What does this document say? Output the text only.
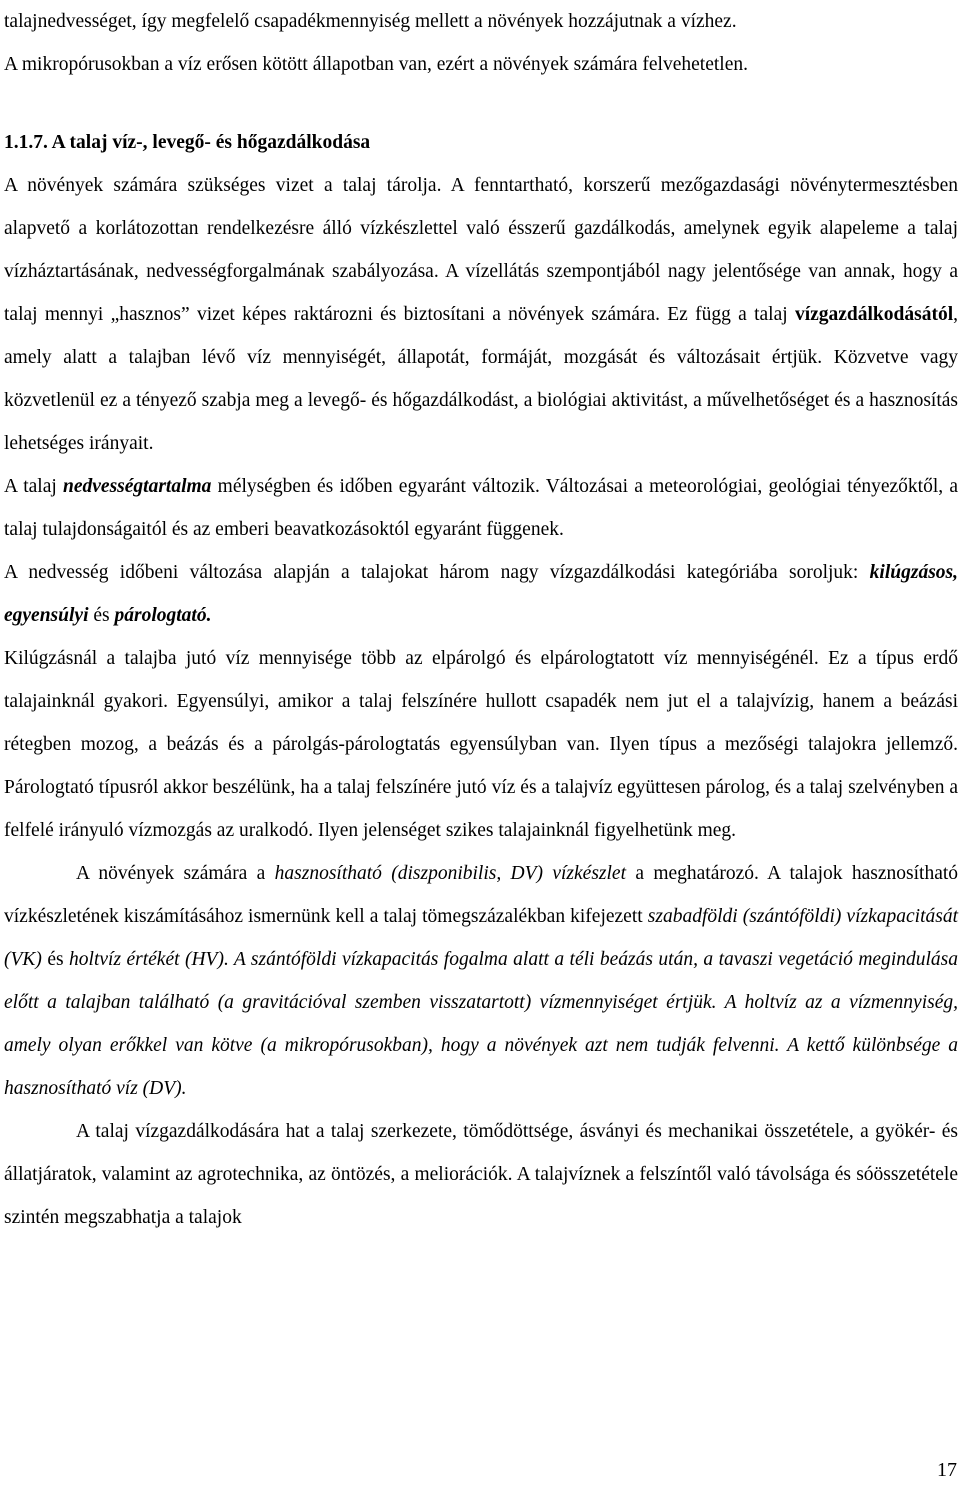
talajnedvességet, így megfelelő csapadékmennyiség mellett a növények hozzájutnak a vízhez.
A mikropórusokban a víz erősen kötött állapotban van, ezért a növények számára felvehetetlen.
1.1.7. A talaj víz-, levegő- és hőgazdálkodása
A növények számára szükséges vizet a talaj tárolja. A fenntartható, korszerű mezőgazdasági növénytermesztésben alapvető a korlátozottan rendelkezésre álló vízkészlettel való ésszerű gazdálkodás, amelynek egyik alapeleme a talaj vízháztartásának, nedvességforgalmának szabályozása. A vízellátás szempontjából nagy jelentősége van annak, hogy a talaj mennyi „hasznos” vizet képes raktározni és biztosítani a növények számára. Ez függ a talaj vízgazdálkodásától, amely alatt a talajban lévő víz mennyiségét, állapotát, formáját, mozgását és változásait értjük. Közvetve vagy közvetlenül ez a tényező szabja meg a levegő- és hőgazdálkodást, a biológiai aktivitást, a művelhetőséget és a hasznosítás lehetséges irányait.
A talaj nedvességtartalma mélységben és időben egyaránt változik. Változásai a meteorológiai, geológiai tényezőktől, a talaj tulajdonságaitól és az emberi beavatkozásoktól egyaránt függenek.
A nedvesség időbeni változása alapján a talajokat három nagy vízgazdálkodási kategóriába soroljuk: kilúgzásos, egyensúlyi és párologtató.
Kilúgzásnál a talajba jutó víz mennyisége több az elpárolgó és elpárologtatott víz mennyiségénél. Ez a típus erdő talajainknál gyakori. Egyensúlyi, amikor a talaj felszínére hullott csapadék nem jut el a talajvízig, hanem a beázási rétegben mozog, a beázás és a párolgás-párologtatás egyensúlyban van. Ilyen típus a mezőségi talajokra jellemző. Párologtató típusról akkor beszélünk, ha a talaj felszínére jutó víz és a talajvíz együttesen párolog, és a talaj szelvényben a felfelé irányuló vízmozgás az uralkodó. Ilyen jelenséget szikes talajainknál figyelhetünk meg.
A növények számára a hasznosítható (diszponibilis, DV) vízkészlet a meghatározó. A talajok hasznosítható vízkészletének kiszámításához ismernünk kell a talaj tömegszázalékban kifejezett szabadföldi (szántóföldi) vízkapacitását (VK) és holtvíz értékét (HV). A szántóföldi vízkapacitás fogalma alatt a téli beázás után, a tavaszi vegetáció megindulása előtt a talajban található (a gravitációval szemben visszatartott) vízmennyiséget értjük. A holtvíz az a vízmennyiség, amely olyan erőkkel van kötve (a mikropórusokban), hogy a növények azt nem tudják felvenni. A kettő különbsége a hasznosítható víz (DV).
A talaj vízgazdálkodására hat a talaj szerkezete, tömődöttsége, ásványi és mechanikai összetétele, a gyökér- és állatjáratok, valamint az agrotechnika, az öntözés, a meliorációk. A talajvíznek a felszíntől való távolsága és sóösszetétele szintén megszabhatja a talajok
17
